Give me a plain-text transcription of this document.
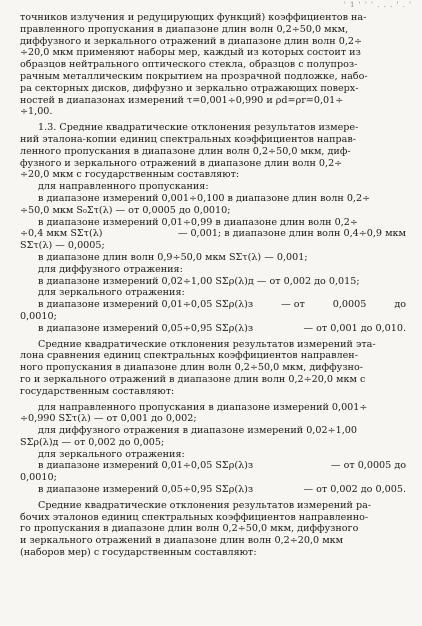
' 1 ' ' ' . . . ' . '

точников излучения и редуцирующих функций) коэффициентов на-

правленного пропускания в диапазоне длин волн 0,2÷50,0 мкм,

диффузного и зеркального отражений в диапазоне длин волн 0,2÷

÷20,0 мкм применяют наборы мер, каждый из которых состоит из

образцов нейтрального оптического стекла, образцов с полупроз-

рачным металлическим покрытием на прозрачной подложке, набо-

ра секторных дисков, диффузно и зеркально отражающих поверх-

ностей в диапазонах измерений τ=0,001÷0,990 и ρd=ρr=0,01÷

÷1,00.

1.3. Средние квадратические отклонения результатов измере-

ний эталона-копии единиц спектральных коэффициентов направ-

ленного пропускания в диапазоне длин волн 0,2÷50,0 мкм, диф-

фузного и зеркального отражений в диапазоне длин волн 0,2÷

÷20,0 мкм с государственным составляют:

для направленного пропускания:

в диапазоне измерений 0,001÷0,100 в диапазоне длин волн 0,2÷

÷50,0 мкм S₀Στ(λ) — от 0,0005 до 0,0010;

в диапазоне измерений 0,01÷0,99 в диапазоне длин волн 0,2÷

÷0,4 мкм SΣτ(λ)	— 0,001; в диапазоне длин волн 0,4÷0,9 мкм

SΣτ(λ) — 0,0005;

в диапазоне длин волн 0,9÷50,0 мкм SΣτ(λ) — 0,001;

для диффузного отражения:

в диапазоне измерений 0,02÷1,00 SΣρ(λ)д — от 0,002 до 0,015;

для зеркального отражения:

в диапазоне измерений 0,01÷0,05 SΣρ(λ)з	— от	0,0005	до

0,0010;

в диапазоне измерений 0,05÷0,95 SΣρ(λ)з	— от 0,001 до 0,010.

Средние квадратические отклонения результатов измерений эта-

лона сравнения единиц спектральных коэффициентов направлен-

ного пропускания в диапазоне длин волн 0,2÷50,0 мкм, диффузно-

го и зеркального отражений в диапазоне длин волн 0,2÷20,0 мкм с

государственным составляют:

для направленного пропускания в диапазоне измерений 0,001÷

÷0,990 SΣτ(λ) — от 0,001 до 0,002;

для диффузного отражения в диапазоне измерений 0,02÷1,00

SΣρ(λ)д — от 0,002 до 0,005;

для зеркального отражения:

в диапазоне измерений 0,01÷0,05 SΣρ(λ)з	— от 0,0005 до

0,0010;

в диапазоне измерений 0,05÷0,95 SΣρ(λ)з	— от 0,002 до 0,005.

Средние квадратические отклонения результатов измерений ра-

бочих эталонов единиц спектральных коэффициентов направленно-

го пропускания в диапазоне длин волн 0,2÷50,0 мкм, диффузного

и зеркального отражений в диапазоне длин волн 0,2÷20,0 мкм

(наборов мер) с государственным составляют:
